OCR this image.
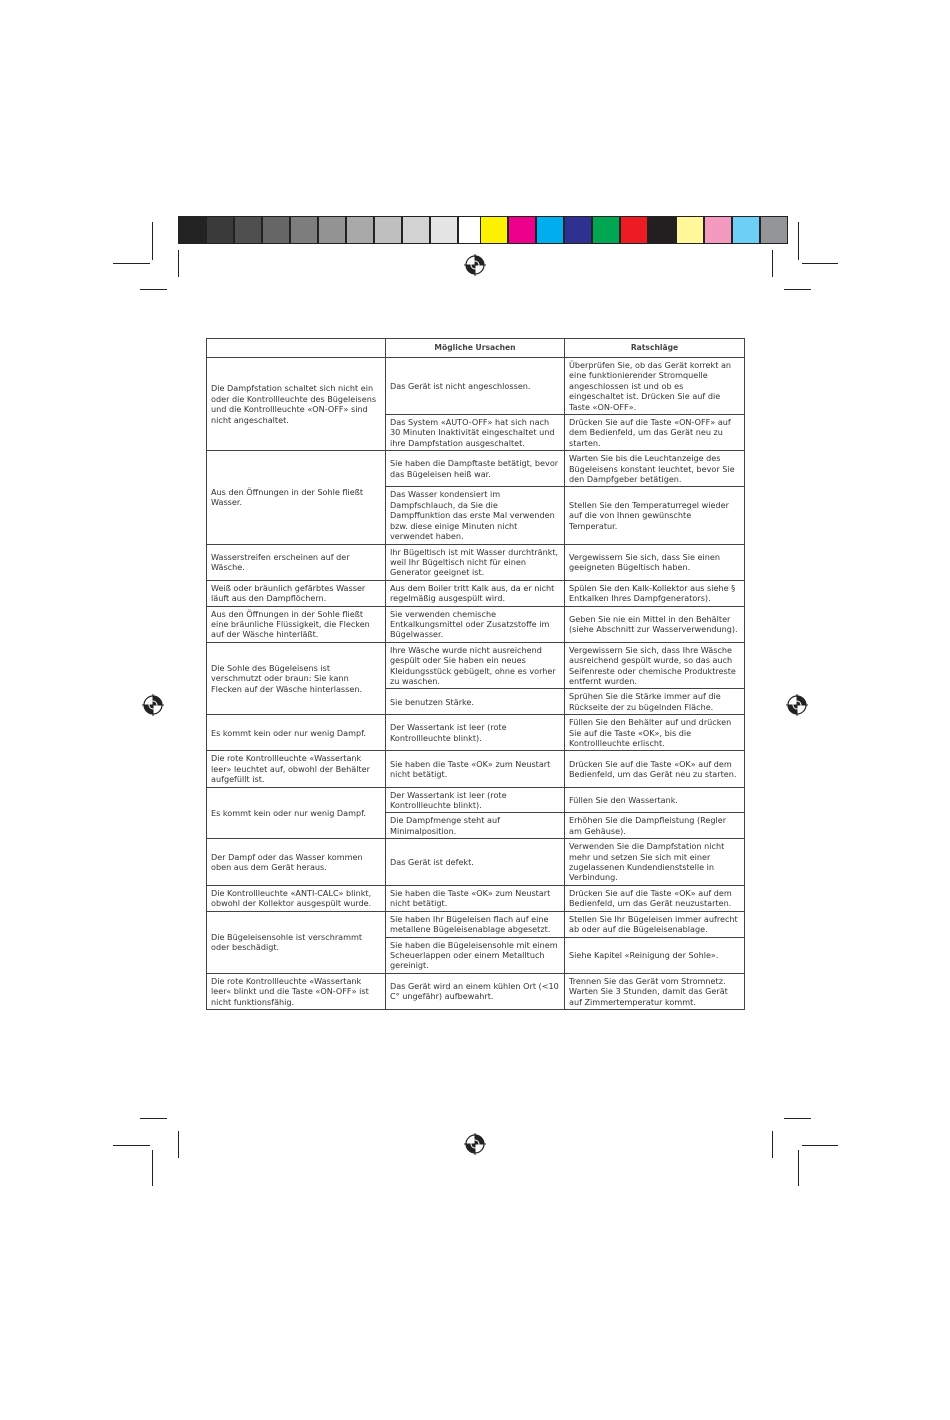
	Mögliche Ursachen	Ratschläge
Die Dampfstation schaltet sich nicht ein oder die Kontrollleuchte des Bügeleisens und die Kontrollleuchte «ON-OFF» sind nicht angeschaltet.	Das Gerät ist nicht angeschlossen.	Überprüfen Sie, ob das Gerät korrekt an eine funktionierender Stromquelle angeschlossen ist und ob es eingeschaltet ist. Drücken Sie auf die Taste «ON-OFF».
	Das System «AUTO-OFF» hat sich nach 30 Minuten Inaktivität eingeschaltet und ihre Dampfstation ausgeschaltet.	Drücken Sie auf die Taste «ON-OFF» auf dem Bedienfeld, um das Gerät neu zu starten.
Aus den Öffnungen in der Sohle fließt Wasser.	Sie haben die Dampftaste betätigt, bevor das Bügeleisen heiß war.	Warten Sie bis die Leuchtanzeige des Bügeleisens konstant leuchtet, bevor Sie den Dampfgeber betätigen.
	Das Wasser kondensiert im Dampfschlauch, da Sie die Dampffunktion das erste Mal verwenden bzw. diese einige Minuten nicht verwendet haben.	Stellen Sie den Temperaturregel wieder auf die von Ihnen gewünschte Temperatur.
Wasserstreifen erscheinen auf der Wäsche.	Ihr Bügeltisch ist mit Wasser durchtränkt, weil Ihr Bügeltisch nicht für einen Generator geeignet ist.	Vergewissern Sie sich, dass Sie einen geeigneten Bügeltisch haben.
Weiß oder bräunlich gefärbtes Wasser läuft aus den Dampflöchern.	Aus dem Boiler tritt Kalk aus, da er nicht regelmäßig ausgespült wird.	Spülen Sie den Kalk-Kollektor aus siehe § Entkalken Ihres Dampfgenerators).
Aus den Öffnungen in der Sohle fließt eine bräunliche Flüssigkeit, die Flecken auf der Wäsche hinterläßt.	Sie verwenden chemische Entkalkungsmittel oder Zusatzstoffe im Bügelwasser.	Geben Sie nie ein Mittel in den Behälter (siehe Abschnitt zur Wasserverwendung).
Die Sohle des Bügeleisens ist verschmutzt oder braun: Sie kann Flecken auf der Wäsche hinterlassen.	Ihre Wäsche wurde nicht ausreichend gespült oder Sie haben ein neues Kleidungsstück gebügelt, ohne es vorher zu waschen.	Vergewissern Sie sich, dass Ihre Wäsche ausreichend gespült wurde, so das auch Seifenreste oder chemische Produktreste entfernt wurden.
	Sie benutzen Stärke.	Sprühen Sie die Stärke immer auf die Rückseite der zu bügelnden Fläche.
Es kommt kein oder nur wenig Dampf.	Der Wassertank ist leer (rote Kontrollleuchte blinkt).	Füllen Sie den Behälter auf und drücken Sie auf die Taste «OK», bis die Kontrollleuchte erlischt.
Die rote Kontrollleuchte «Wassertank leer» leuchtet auf, obwohl der Behälter aufgefüllt ist.	Sie haben die Taste «OK» zum Neustart nicht betätigt.	Drücken Sie auf die Taste «OK» auf dem Bedienfeld, um das Gerät neu zu starten.
Es kommt kein oder nur wenig Dampf.	Der Wassertank ist leer (rote Kontrollleuchte blinkt).	Füllen Sie den Wassertank.
	Die Dampfmenge steht auf Minimalposition.	Erhöhen Sie die Dampfleistung (Regler am Gehäuse).
Der Dampf oder das Wasser kommen oben aus dem Gerät heraus.	Das Gerät ist defekt.	Verwenden Sie die Dampfstation nicht mehr und setzen Sie sich mit einer zugelassenen Kundendienststelle in Verbindung.
Die Kontrollleuchte «ANTI-CALC» blinkt, obwohl der Kollektor ausgespült wurde.	Sie haben die Taste «OK» zum Neustart nicht betätigt.	Drücken Sie auf die Taste «OK» auf dem Bedienfeld, um das Gerät neuzustarten.
Die Bügeleisensohle ist verschrammt oder beschädigt.	Sie haben Ihr Bügeleisen flach auf eine metallene Bügeleisenablage abgesetzt.	Stellen Sie Ihr Bügeleisen immer aufrecht ab oder auf die Bügeleisenablage.
	Sie haben die Bügeleisensohle mit einem Scheuerlappen oder einem Metalltuch gereinigt.	Siehe Kapitel «Reinigung der Sohle».
Die rote Kontrollleuchte «Wassertank leer« blinkt und die Taste «ON-OFF» ist nicht funktionsfähig.	Das Gerät wird an einem kühlen Ort (<10 C° ungefähr) aufbewahrt.	Trennen Sie das Gerät vom Stromnetz. Warten Sie 3 Stunden, damit das Gerät auf Zimmertemperatur kommt.
